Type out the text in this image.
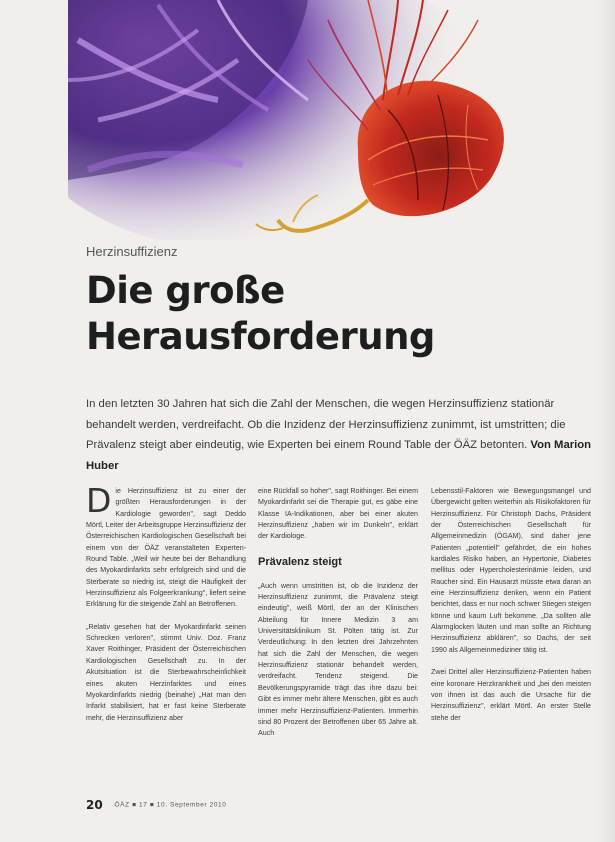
Herzinsuffizienz
Die große
Herausforderung

In den letzten 30 Jahren hat sich die Zahl der Menschen, die wegen Herzinsuffizienz stationär behandelt werden, verdreifacht. Ob die Inzidenz der Herzinsuffizienz zunimmt, ist umstritten; die Prävalenz steigt aber eindeutig, wie Experten bei einem Round Table der ÖÄZ betonten. Von Marion Huber

D ie Herzinsuffizienz ist zu einer der größten Herausforderungen in der Kardiologie geworden", sagt Deddo Mörtl, Leiter der Arbeitsgruppe Herzinsuffizienz der Österreichischen Kardiologischen Gesellschaft bei einem von der ÖÄZ veranstalteten Experten-Round Table. „Weil wir heute bei der Behandlung des Myokardinfarkts sehr erfolgreich sind und die Sterberate so niedrig ist, steigt die Häufigkeit der Herzinsuffizienz als Folgeerkrankung", liefert seine Erklärung für die steigende Zahl an Betroffenen.

„Relativ gesehen hat der Myokardinfarkt seinen Schrecken verloren", stimmt Univ. Doz. Franz Xaver Roithinger, Präsident der Österreichischen Kardiologischen Gesellschaft zu. In der Akutsituation ist die Sterbewahrscheinlichkeit eines akuten Herzinfarktes und eines Myokardinfarkts niedrig (beinahe) „Hat man den Infarkt stabilisiert, hat er fast keine Sterberate mehr, die Herzinsuffizienz aber

eine Rückfall so hoher", sagt Roithinger. Bei einem Myokardinfarkt sei die Therapie gut, es gäbe eine Klasse IA-Indikationen, aber bei einer akuten Herzinsuffizienz „haben wir im Dunkeln", erklärt der Kardiologe.

Prävalenz steigt

„Auch wenn umstritten ist, ob die Inzidenz der Herzinsuffizienz zunimmt, die Prävalenz steigt eindeutig", weiß Mörtl, der an der Klinischen Abteilung für Innere Medizin 3 am Universitätsklinikum St. Pölten tätig ist. Zur Verdeutlichung: In den letzten drei Jahrzehnten hat sich die Zahl der Menschen, die wegen Herzinsuffizienz stationär behandelt werden, verdreifacht. Tendenz steigend. Die Bevölkerungspyramide trägt das ihre dazu bei: Gibt es immer mehr ältere Menschen, gibt es auch immer mehr Herzinsuffizienz-Patienten. Immerhin sind 80 Prozent der Betroffenen über 65 Jahre alt. Auch

Lebensstil-Faktoren wie Bewegungsmangel und Übergewicht gelten weiterhin als Risikofaktoren für Herzinsuffizienz. Für Christoph Dachs, Präsident der Österreichischen Gesellschaft für Allgemeinmedizin (ÖGAM), sind daher jene Patienten „potentiell" gefährdet, die ein hohes kardiales Risiko haben, an Hypertonie, Diabetes mellitus oder Hypercholesterinämie leiden, und Raucher sind. Ein Hausarzt müsste etwa daran an eine Herzinsuffizienz denken, wenn ein Patient berichtet, dass er nur noch schwer Stiegen steigen könne und kaum Luft bekomme. „Da sollten alle Alarmglocken läuten und man sollte an Richtung Herzinsuffizienz abklären", so Dachs, der seit 1990 als Allgemeinmediziner tätig ist.

Zwei Drittel aller Herzinsuffizienz-Patienten haben eine koronare Herzkrankheit und „bei den meisten von ihnen ist das auch die Ursache für die Herzinsuffizienz", erklärt Mörtl. An erster Stelle stehe der

20 ÖÄZ ■ 17 ■ 10. September 2010
